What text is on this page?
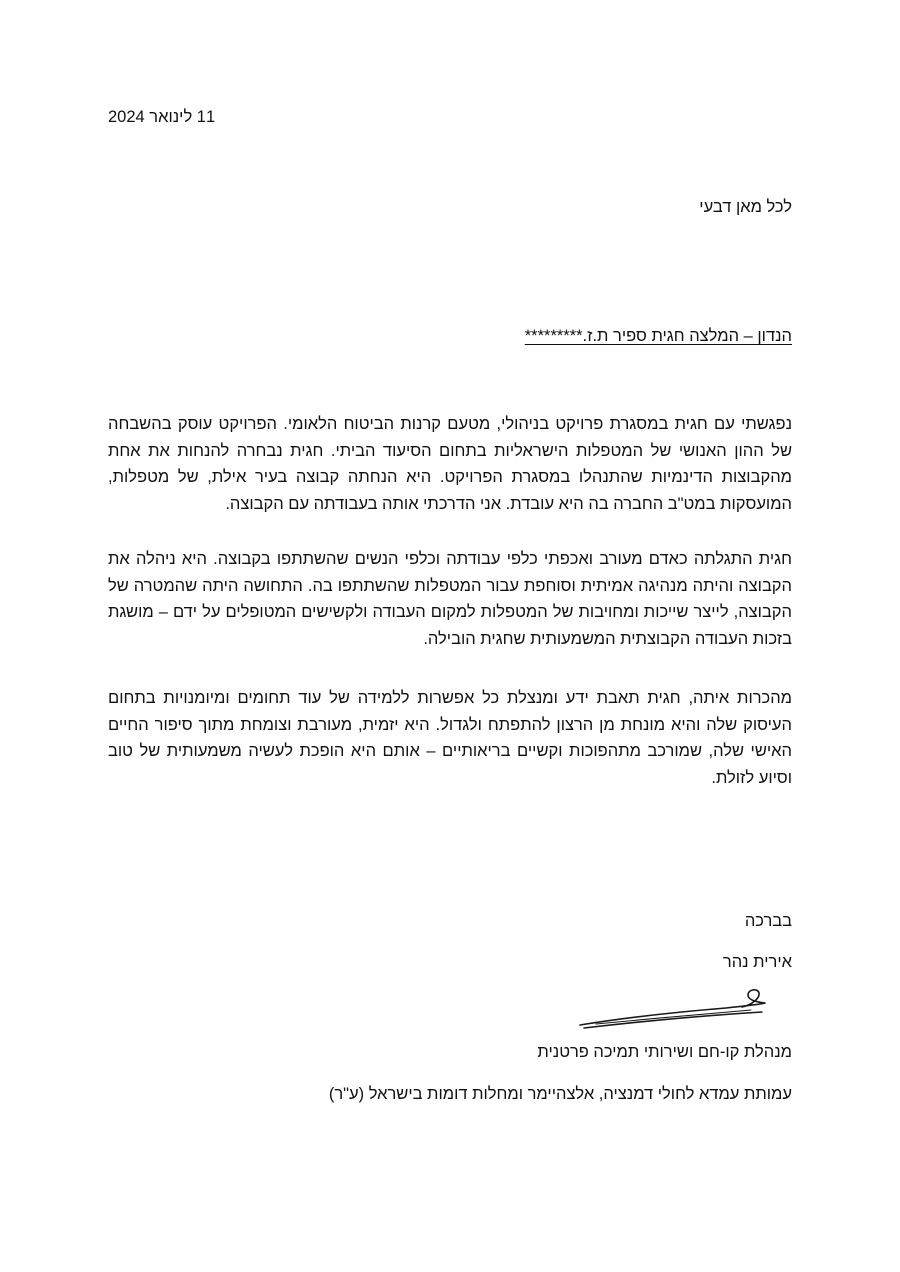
11 לינואר 2024
לכל מאן דבעי
הנדון – המלצה חגית ספיר ת.ז.*********

נפגשתי עם חגית במסגרת פרויקט בניהולי, מטעם קרנות הביטוח הלאומי. הפרויקט עוסק בהשבחה של ההון האנושי של המטפלות הישראליות בתחום הסיעוד הביתי. חגית נבחרה להנחות את אחת מהקבוצות הדינמיות שהתנהלו במסגרת הפרויקט. היא הנחתה קבוצה בעיר אילת, של מטפלות, המועסקות במט"ב החברה בה היא עובדת. אני הדרכתי אותה בעבודתה עם הקבוצה.

חגית התגלתה כאדם מעורב ואכפתי כלפי עבודתה וכלפי הנשים שהשתתפו בקבוצה. היא ניהלה את הקבוצה והיתה מנהיגה אמיתית וסוחפת עבור המטפלות שהשתתפו בה. התחושה היתה שהמטרה של הקבוצה, לייצר שייכות ומחויבות של המטפלות למקום העבודה ולקשישים המטופלים על ידם – מושגת בזכות העבודה הקבוצתית המשמעותית שחגית הובילה.

מהכרות איתה, חגית תאבת ידע ומנצלת כל אפשרות ללמידה של עוד תחומים ומיומנויות בתחום העיסוק שלה והיא מונחת מן הרצון להתפתח ולגדול. היא יזמית, מעורבת וצומחת מתוך סיפור החיים האישי שלה, שמורכב מתהפוכות וקשיים בריאותיים – אותם היא הופכת לעשיה משמעותית של טוב וסיוע לזולת.

בברכה
אירית נהר
מנהלת קו-חם ושירותי תמיכה פרטנית
עמותת עמדא לחולי דמנציה, אלצהיימר ומחלות דומות בישראל (ע"ר)
